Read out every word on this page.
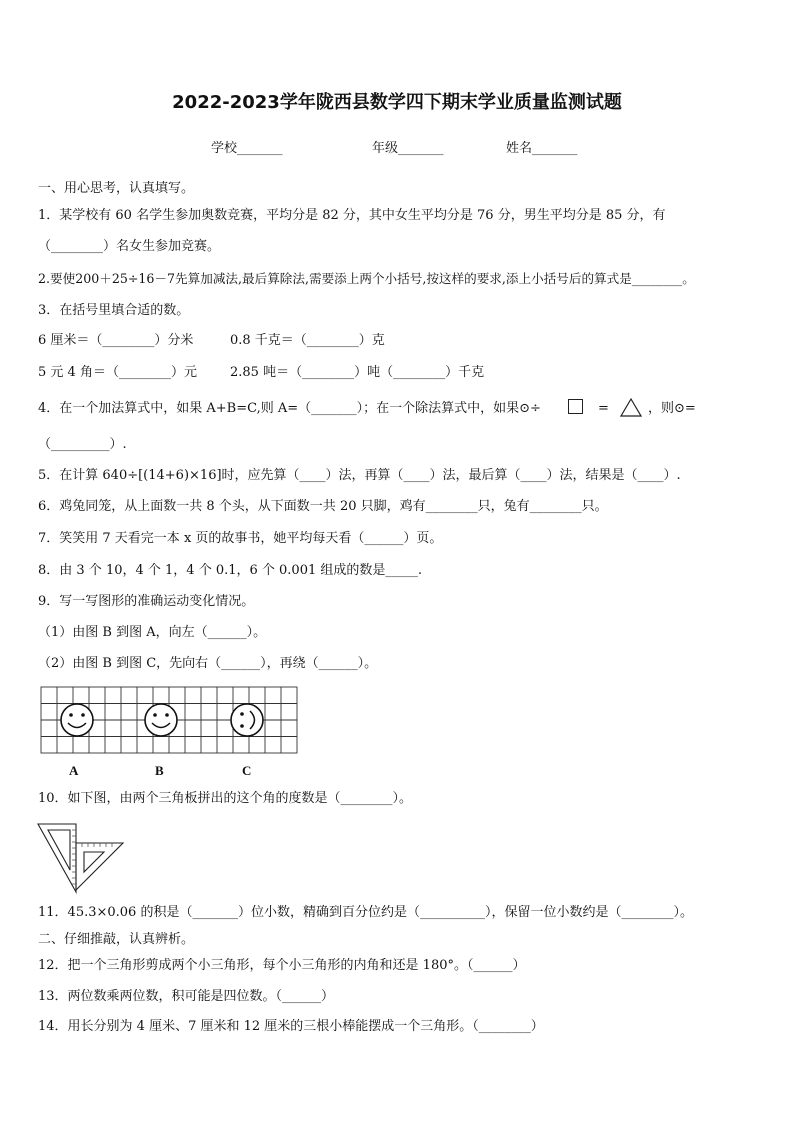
2022-2023学年陇西县数学四下期末学业质量监测试题
学校_______	年级_______	姓名_______
一、用心思考，认真填写。
1．某学校有 60 名学生参加奥数竞赛，平均分是 82 分，其中女生平均分是 76 分，男生平均分是 85 分，有
（________）名女生参加竞赛。
2.要使200＋25÷16－7先算加减法,最后算除法,需要添上两个小括号,按这样的要求,添上小括号后的算式是________。
3．在括号里填合适的数。
6 厘米＝（________）分米	0.8 千克＝（________）克
5 元 4 角＝（________）元	2.85 吨＝（________）吨（________）千克
4．在一个加法算式中，如果 A+B=C,则 A=（_______）；在一个除法算式中，如果⊙÷	=	，则⊙=
（_________）.
5．在计算 640÷[(14+6)×16]时，应先算（____）法，再算（____）法，最后算（____）法，结果是（____）.
6．鸡兔同笼，从上面数一共 8 个头，从下面数一共 20 只脚，鸡有________只，兔有________只。
7．笑笑用 7 天看完一本 x 页的故事书，她平均每天看（______）页。
8．由 3 个 10，4 个 1，4 个 0.1，6 个 0.001 组成的数是_____.
9．写一写图形的准确运动变化情况。
（1）由图 B 到图 A，向左（______）。
（2）由图 B 到图 C，先向右（______），再绕（______）。
A	B	C
10．如下图，由两个三角板拼出的这个角的度数是（________）。
11．45.3×0.06 的积是（_______）位小数，精确到百分位约是（__________），保留一位小数约是（________）。
二、仔细推敲，认真辨析。
12．把一个三角形剪成两个小三角形，每个小三角形的内角和还是 180°。（______）
13．两位数乘两位数，积可能是四位数。（______）
14．用长分别为 4 厘米、7 厘米和 12 厘米的三根小棒能摆成一个三角形。（________）
